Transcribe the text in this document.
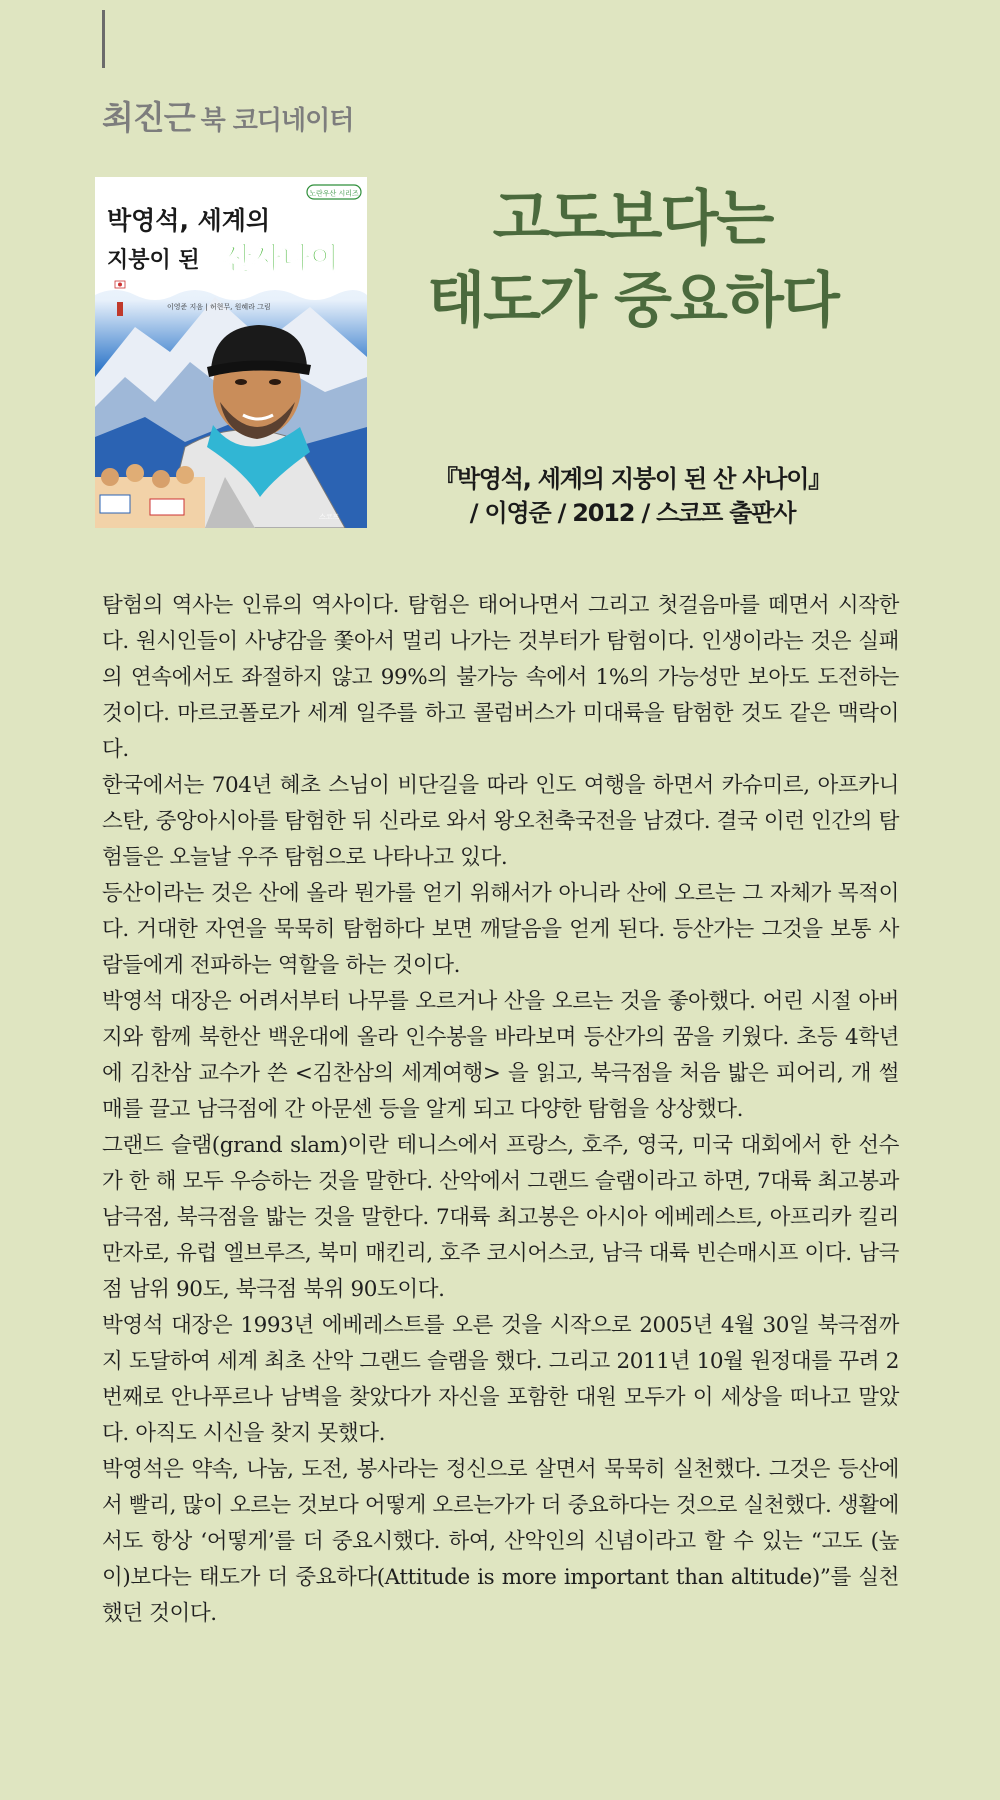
최진근 북 코디네이터
노란우산 시리즈
박영석, 세계의
지붕이 된 산사나이
이영준 지음 | 허현무, 원혜라 그림
스코프
고도보다는
태도가 중요하다
『박영석, 세계의 지붕이 된 산 사나이』
/ 이영준 / 2012 / 스코프 출판사

탐험의 역사는 인류의 역사이다. 탐험은 태어나면서 그리고 첫걸음마를 떼면서 시작한다. 원시인들이 사냥감을 쫓아서 멀리 나가는 것부터가 탐험이다. 인생이라는 것은 실패의 연속에서도 좌절하지 않고 99%의 불가능 속에서 1%의 가능성만 보아도 도전하는 것이다. 마르코폴로가 세계 일주를 하고 콜럼버스가 미대륙을 탐험한 것도 같은 맥락이다.

한국에서는 704년 혜초 스님이 비단길을 따라 인도 여행을 하면서 카슈미르, 아프카니스탄, 중앙아시아를 탐험한 뒤 신라로 와서 왕오천축국전을 남겼다. 결국 이런 인간의 탐험들은 오늘날 우주 탐험으로 나타나고 있다.

등산이라는 것은 산에 올라 뭔가를 얻기 위해서가 아니라 산에 오르는 그 자체가 목적이다. 거대한 자연을 묵묵히 탐험하다 보면 깨달음을 얻게 된다. 등산가는 그것을 보통 사람들에게 전파하는 역할을 하는 것이다.

박영석 대장은 어려서부터 나무를 오르거나 산을 오르는 것을 좋아했다. 어린 시절 아버지와 함께 북한산 백운대에 올라 인수봉을 바라보며 등산가의 꿈을 키웠다. 초등 4학년에 김찬삼 교수가 쓴 <김찬삼의 세계여행> 을 읽고, 북극점을 처음 밟은 피어리, 개 썰매를 끌고 남극점에 간 아문센 등을 알게 되고 다양한 탐험을 상상했다.

그랜드 슬램(grand slam)이란 테니스에서 프랑스, 호주, 영국, 미국 대회에서 한 선수가 한 해 모두 우승하는 것을 말한다. 산악에서 그랜드 슬램이라고 하면, 7대륙 최고봉과 남극점, 북극점을 밟는 것을 말한다. 7대륙 최고봉은 아시아 에베레스트, 아프리카 킬리만자로, 유럽 엘브루즈, 북미 매킨리, 호주 코시어스코, 남극 대륙 빈슨매시프 이다. 남극점 남위 90도, 북극점 북위 90도이다.

박영석 대장은 1993년 에베레스트를 오른 것을 시작으로 2005년 4월 30일 북극점까지 도달하여 세계 최초 산악 그랜드 슬램을 했다. 그리고 2011년 10월 원정대를 꾸려 2번째로 안나푸르나 남벽을 찾았다가 자신을 포함한 대원 모두가 이 세상을 떠나고 말았다. 아직도 시신을 찾지 못했다.

박영석은 약속, 나눔, 도전, 봉사라는 정신으로 살면서 묵묵히 실천했다. 그것은 등산에서 빨리, 많이 오르는 것보다 어떻게 오르는가가 더 중요하다는 것으로 실천했다. 생활에서도 항상 ‘어떻게’를 더 중요시했다. 하여, 산악인의 신념이라고 할 수 있는 “고도 (높이)보다는 태도가 더 중요하다(Attitude is more important than altitude)”를 실천했던 것이다.
